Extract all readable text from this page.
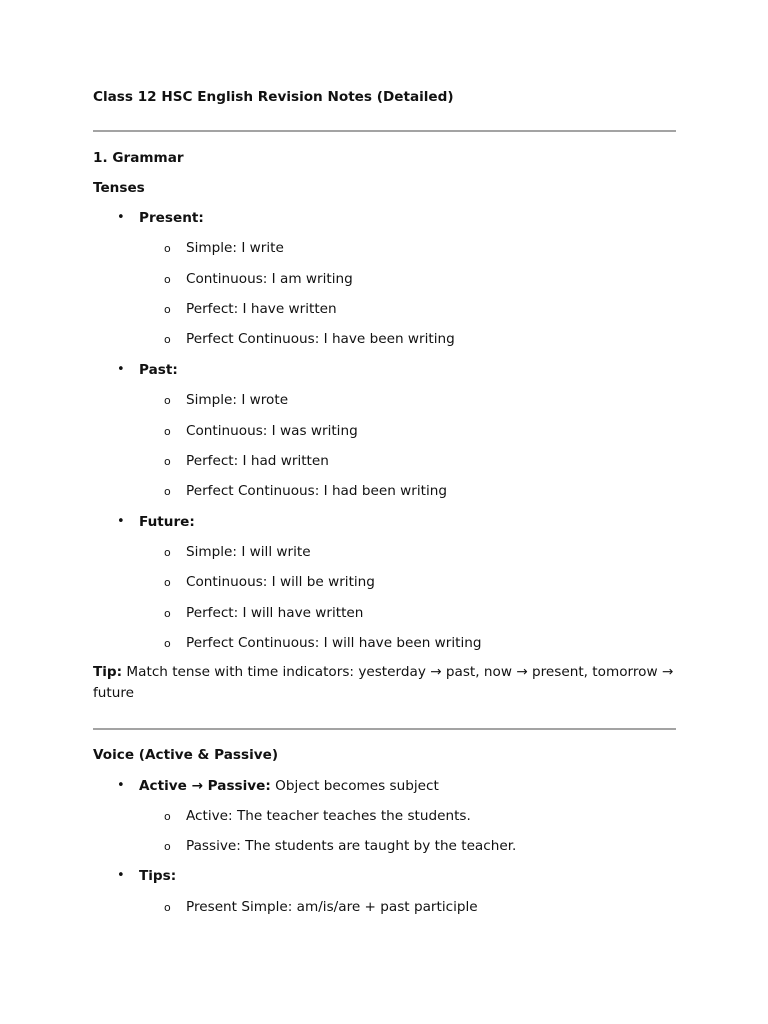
Class 12 HSC English Revision Notes (Detailed)
1. Grammar
Tenses
• Present:
o Simple: I write
o Continuous: I am writing
o Perfect: I have written
o Perfect Continuous: I have been writing
• Past:
o Simple: I wrote
o Continuous: I was writing
o Perfect: I had written
o Perfect Continuous: I had been writing
• Future:
o Simple: I will write
o Continuous: I will be writing
o Perfect: I will have written
o Perfect Continuous: I will have been writing
Tip: Match tense with time indicators: yesterday → past, now → present, tomorrow → future
Voice (Active & Passive)
• Active → Passive: Object becomes subject
o Active: The teacher teaches the students.
o Passive: The students are taught by the teacher.
• Tips:
o Present Simple: am/is/are + past participle
